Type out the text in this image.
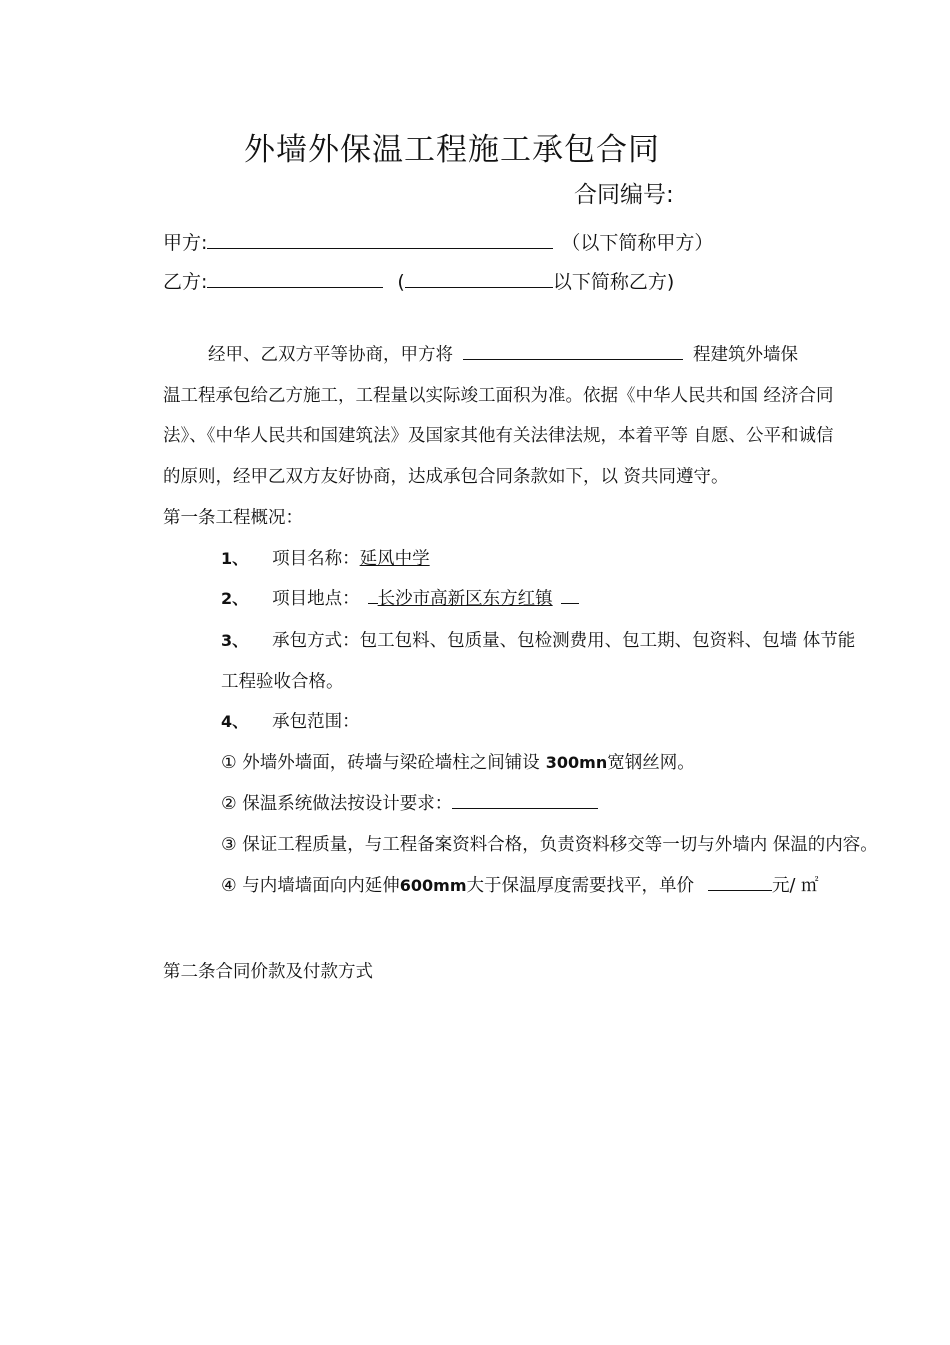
外墙外保温工程施工承包合同
合同编号:
甲方:	（以下简称甲方）
乙方:	(	以下简称乙方)
经甲、乙双方平等协商，甲方将	程建筑外墙保
温工程承包给乙方施工，工程量以实际竣工面积为准。依据《中华人民共和国 经济合同
法》、《中华人民共和国建筑法》及国家其他有关法律法规，本着平等 自愿、公平和诚信
的原则，经甲乙双方友好协商，达成承包合同条款如下，以 资共同遵守。
第一条工程概况：
1、 项目名称：延风中学
2、 项目地点： 长沙市高新区东方红镇
3、 承包方式：包工包料、包质量、包检测费用、包工期、包资料、包墙 体节能
工程验收合格。
4、 承包范围：
① 外墙外墙面，砖墙与梁砼墙柱之间铺设 300mn宽钢丝网。
② 保温系统做法按设计要求：
③ 保证工程质量，与工程备案资料合格，负责资料移交等一切与外墙内 保温的内容。
④ 与内墙墙面向内延伸600mm大于保温厚度需要找平，单价	元/ ㎡
第二条合同价款及付款方式
